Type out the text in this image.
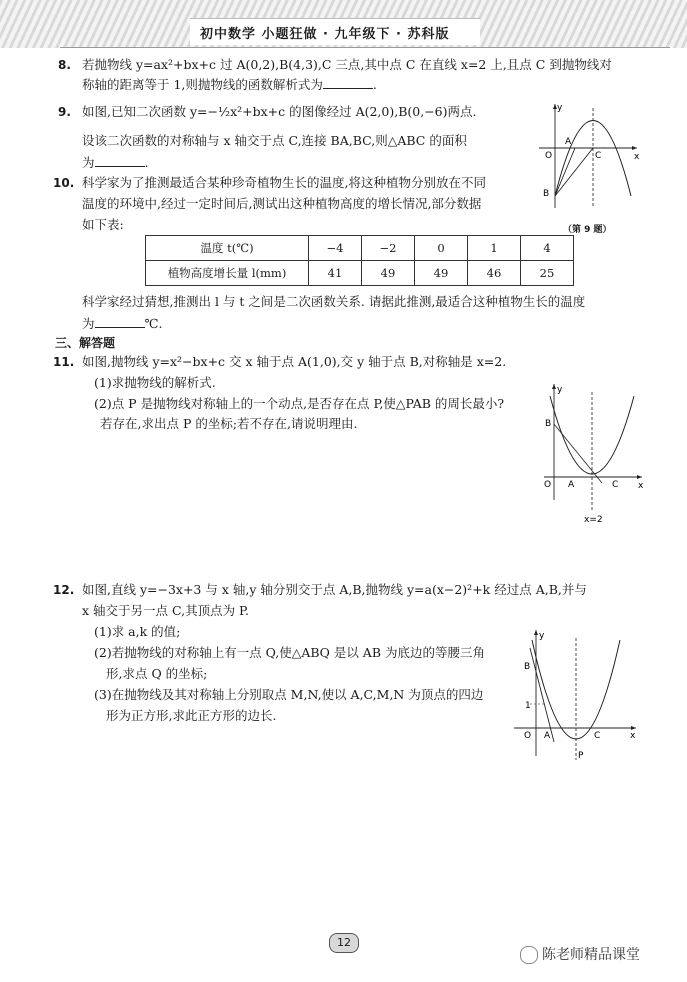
初中数学 小题狂做 · 九年级下 · 苏科版
8. 若抛物线 y=ax²+bx+c 过 A(0,2),B(4,3),C 三点,其中点 C 在直线 x=2 上,且点 C 到抛物线对
称轴的距离等于 1,则抛物线的函数解析式为	.
9. 如图,已知二次函数 y=−½x²+bx+c 的图像经过 A(2,0),B(0,−6)两点.
设该二次函数的对称轴与 x 轴交于点 C,连接 BA,BC,则△ABC 的面积
为	.
y
x
O
A
C
B
（第 9 题）
10. 科学家为了推测最适合某种珍奇植物生长的温度,将这种植物分别放在不同
温度的环境中,经过一定时间后,测试出这种植物高度的增长情况,部分数据
如下表:
温度 t(℃)	−4	−2	0	1	4
植物高度增长量 l(mm)	41	49	49	46	25
科学家经过猜想,推测出 l 与 t 之间是二次函数关系. 请据此推测,最适合这种植物生长的温度
为	℃.
三、解答题
11. 如图,抛物线 y=x²−bx+c 交 x 轴于点 A(1,0),交 y 轴于点 B,对称轴是 x=2.
(1)求抛物线的解析式.
(2)点 P 是抛物线对称轴上的一个动点,是否存在点 P,使△PAB 的周长最小?
若存在,求出点 P 的坐标;若不存在,请说明理由.
y
x
O A	C
B
x=2
12. 如图,直线 y=−3x+3 与 x 轴,y 轴分别交于点 A,B,抛物线 y=a(x−2)²+k 经过点 A,B,并与
x 轴交于另一点 C,其顶点为 P.
(1)求 a,k 的值;
(2)若抛物线的对称轴上有一点 Q,使△ABQ 是以 AB 为底边的等腰三角
形,求点 Q 的坐标;
(3)在抛物线及其对称轴上分别取点 M,N,使以 A,C,M,N 为顶点的四边
形为正方形,求此正方形的边长.
y
x
O A	C
B
P
1
12
陈老师精品课堂
